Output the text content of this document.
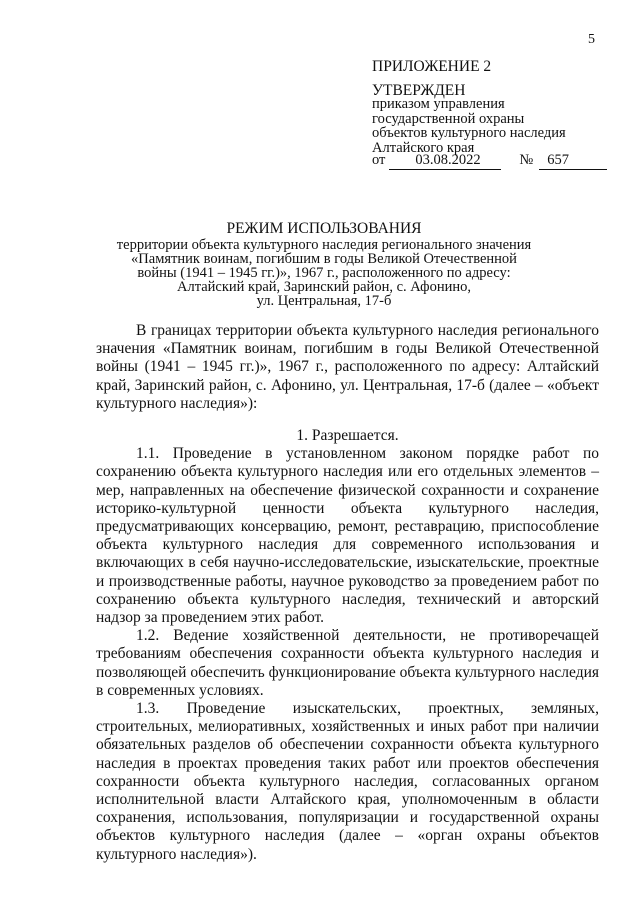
5
ПРИЛОЖЕНИЕ 2
УТВЕРЖДЕН
приказом управления
государственной охраны
объектов культурного наследия
Алтайского края
от 03.08.2022	№ 657
РЕЖИМ ИСПОЛЬЗОВАНИЯ
территории объекта культурного наследия регионального значения
«Памятник воинам, погибшим в годы Великой Отечественной
войны (1941 – 1945 гг.)», 1967 г., расположенного по адресу:
Алтайский край, Заринский район, с. Афонино,
ул. Центральная, 17-б

В границах территории объекта культурного наследия регионального значения «Памятник воинам, погибшим в годы Великой Отечественной войны (1941 – 1945 гг.)», 1967 г., расположенного по адресу: Алтайский край, Заринский район, с. Афонино, ул. Центральная, 17-б (далее – «объект культурного наследия»):

1. Разрешается.

1.1. Проведение в установленном законом порядке работ по сохранению объекта культурного наследия или его отдельных элементов – мер, направленных на обеспечение физической сохранности и сохранение историко-культурной ценности объекта культурного наследия, предусматривающих консервацию, ремонт, реставрацию, приспособление объекта культурного наследия для современного использования и включающих в себя научно-исследовательские, изыскательские, проектные и производственные работы, научное руководство за проведением работ по сохранению объекта культурного наследия, технический и авторский надзор за проведением этих работ.

1.2. Ведение хозяйственной деятельности, не противоречащей требованиям обеспечения сохранности объекта культурного наследия и позволяющей обеспечить функционирование объекта культурного наследия в современных условиях.

1.3. Проведение изыскательских, проектных, земляных, строительных, мелиоративных, хозяйственных и иных работ при наличии обязательных разделов об обеспечении сохранности объекта культурного наследия в проектах проведения таких работ или проектов обеспечения сохранности объекта культурного наследия, согласованных органом исполнительной власти Алтайского края, уполномоченным в области сохранения, использования, популяризации и государственной охраны объектов культурного наследия (далее – «орган охраны объектов культурного наследия»).
